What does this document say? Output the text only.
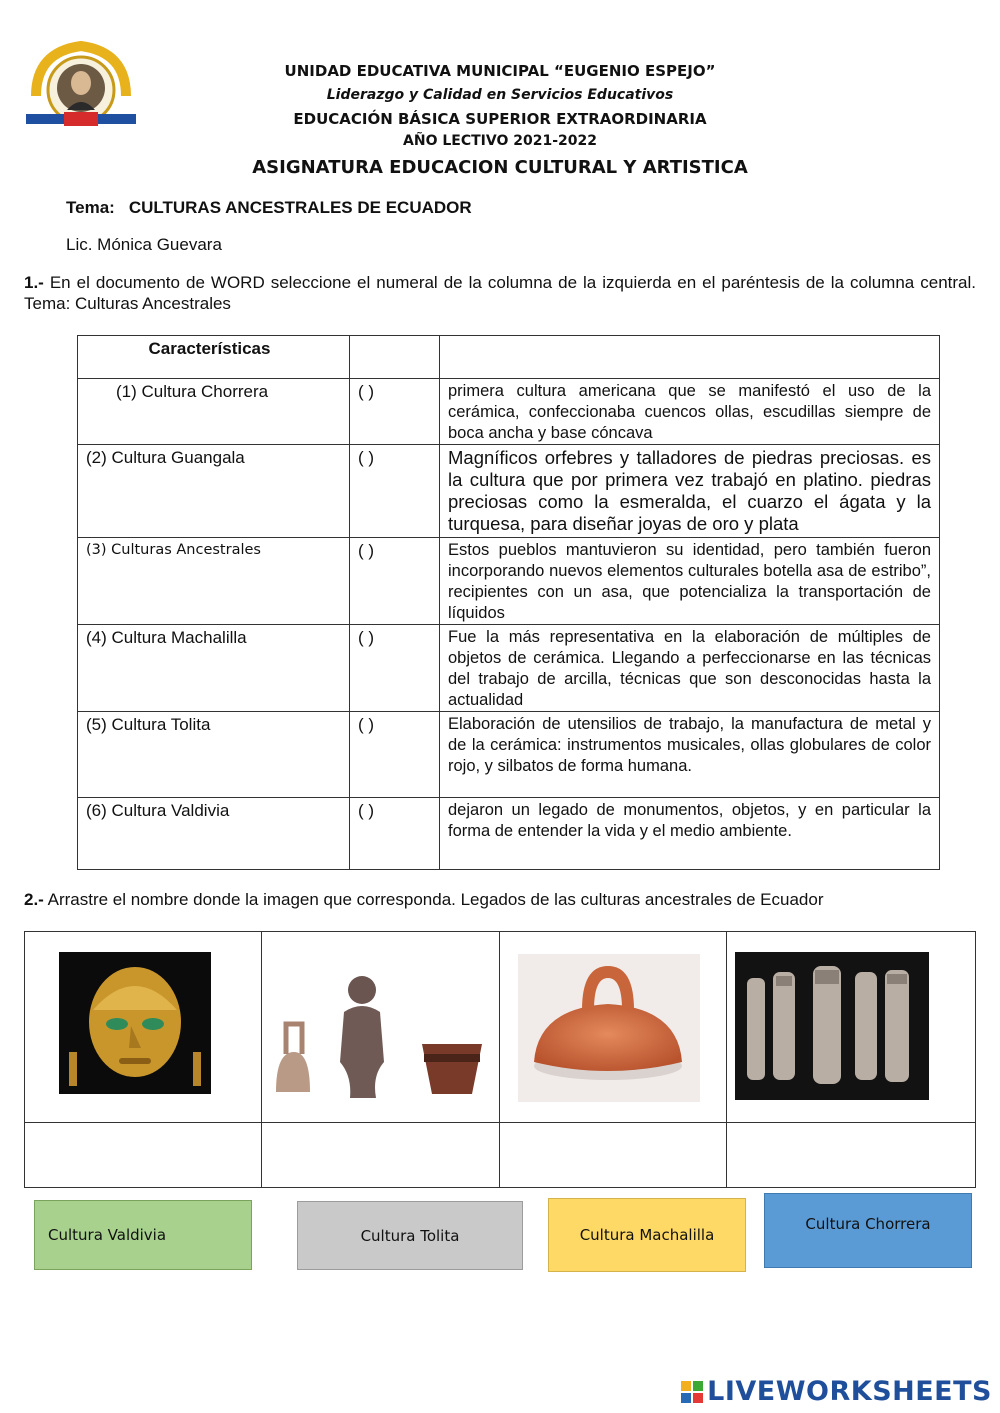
UNIDAD EDUCATIVA MUNICIPAL “EUGENIO ESPEJO”
Liderazgo y Calidad en Servicios Educativos
EDUCACIÓN BÁSICA SUPERIOR EXTRAORDINARIA
AÑO LECTIVO 2021-2022
ASIGNATURA EDUCACION CULTURAL Y ARTISTICA
Tema: CULTURAS ANCESTRALES DE ECUADOR
Lic. Mónica Guevara
1.- En el documento de WORD seleccione el numeral de la columna de la izquierda en el paréntesis de la columna central. Tema: Culturas Ancestrales
Características		
(1) Cultura Chorrera	( )	primera cultura americana que se manifestó el uso de la cerámica, confeccionaba cuencos ollas, escudillas siempre de boca ancha y base cóncava
(2) Cultura Guangala	( )	Magníficos orfebres y talladores de piedras preciosas. es la cultura que por primera vez trabajó en platino. piedras preciosas como la esmeralda, el cuarzo el ágata y la turquesa, para diseñar joyas de oro y plata
(3) Culturas Ancestrales	( )	Estos pueblos mantuvieron su identidad, pero también fueron incorporando nuevos elementos culturales botella asa de estribo”, recipientes con un asa, que potencializa la transportación de líquidos
(4) Cultura Machalilla	( )	Fue la más representativa en la elaboración de múltiples de objetos de cerámica. Llegando a perfeccionarse en las técnicas del trabajo de arcilla, técnicas que son desconocidas hasta la actualidad
(5) Cultura Tolita	( )	Elaboración de utensilios de trabajo, la manufactura de metal y de la cerámica: instrumentos musicales, ollas globulares de color rojo, y silbatos de forma humana.
(6) Cultura Valdivia	( )	dejaron un legado de monumentos, objetos, y en particular la forma de entender la vida y el medio ambiente.
2.- Arrastre el nombre donde la imagen que corresponda. Legados de las culturas ancestrales de Ecuador

Cultura Valdivia	Cultura Tolita	Cultura Machalilla
Cultura Chorrera
LIVEWORKSHEETS
